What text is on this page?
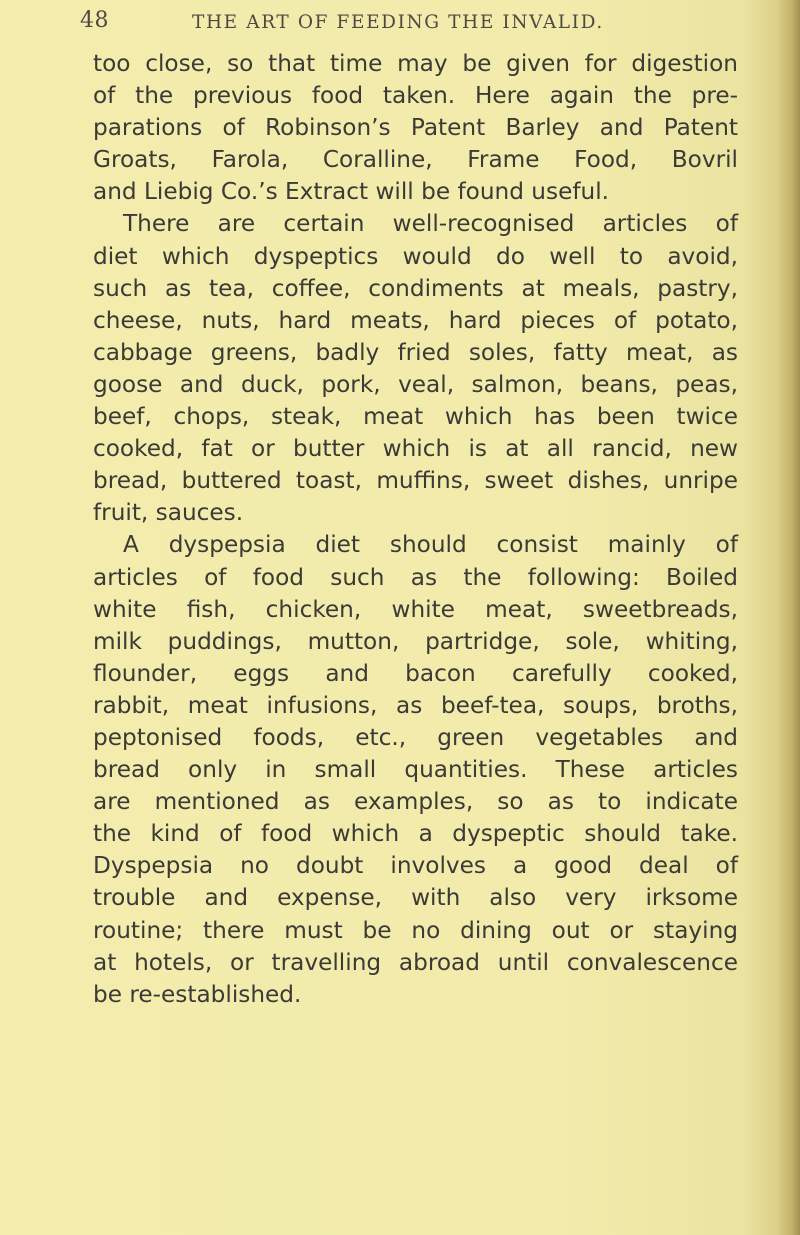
48	THE ART OF FEEDING THE INVALID.
too close, so that time may be given for digestion
of the previous food taken. Here again the pre-
parations of Robinson’s Patent Barley and Patent
Groats, Farola, Coralline, Frame Food, Bovril
and Liebig Co.’s Extract will be found useful.
There are certain well-recognised articles of
diet which dyspeptics would do well to avoid,
such as tea, coffee, condiments at meals, pastry,
cheese, nuts, hard meats, hard pieces of potato,
cabbage greens, badly fried soles, fatty meat, as
goose and duck, pork, veal, salmon, beans, peas,
beef, chops, steak, meat which has been twice
cooked, fat or butter which is at all rancid, new
bread, buttered toast, muffins, sweet dishes, unripe
fruit, sauces.
A dyspepsia diet should consist mainly of
articles of food such as the following: Boiled
white fish, chicken, white meat, sweetbreads,
milk puddings, mutton, partridge, sole, whiting,
flounder, eggs and bacon carefully cooked,
rabbit, meat infusions, as beef-tea, soups, broths,
peptonised foods, etc., green vegetables and
bread only in small quantities. These articles
are mentioned as examples, so as to indicate
the kind of food which a dyspeptic should take.
Dyspepsia no doubt involves a good deal of
trouble and expense, with also very irksome
routine; there must be no dining out or staying
at hotels, or travelling abroad until convalescence
be re-established.
